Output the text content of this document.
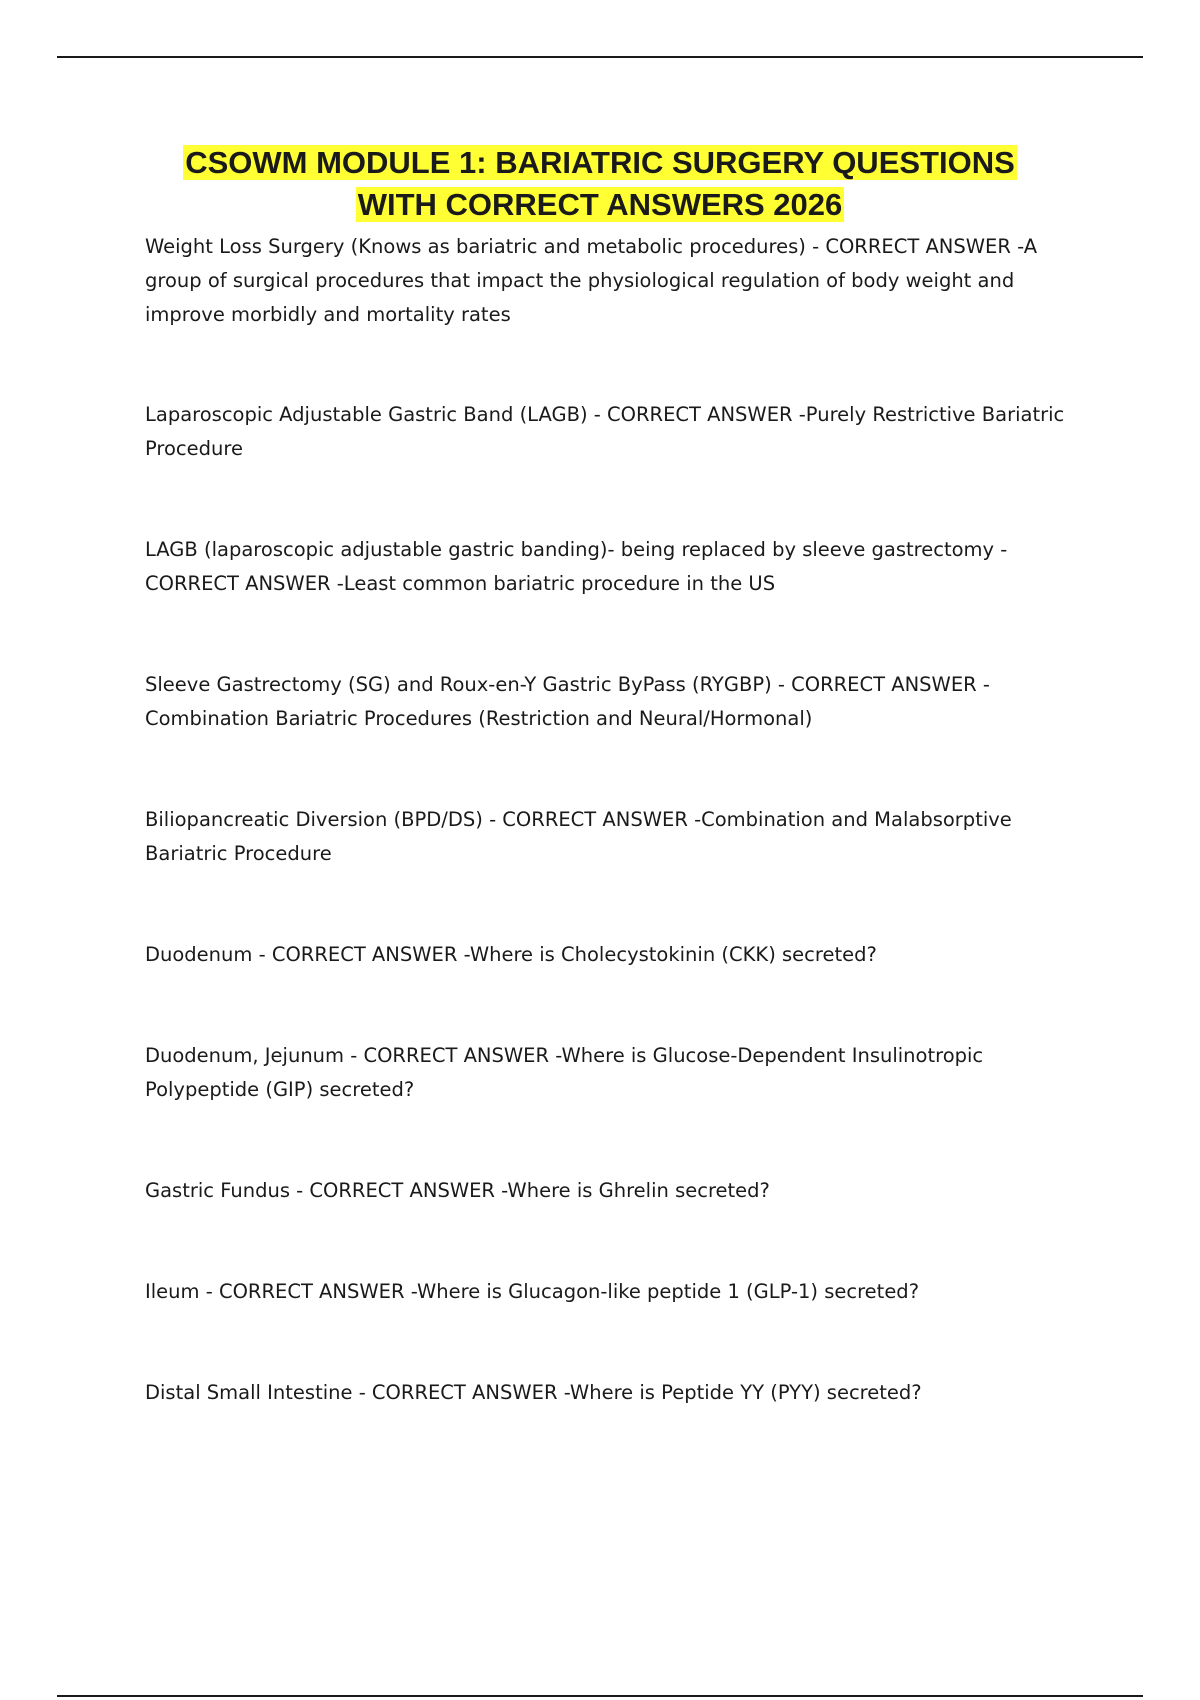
CSOWM MODULE 1: BARIATRIC SURGERY QUESTIONS
WITH CORRECT ANSWERS 2026

Weight Loss Surgery (Knows as bariatric and metabolic procedures) - CORRECT ANSWER -A group of surgical procedures that impact the physiological regulation of body weight and improve morbidly and mortality rates

Laparoscopic Adjustable Gastric Band (LAGB) - CORRECT ANSWER -Purely Restrictive Bariatric Procedure

LAGB (laparoscopic adjustable gastric banding)- being replaced by sleeve gastrectomy - CORRECT ANSWER -Least common bariatric procedure in the US

Sleeve Gastrectomy (SG) and Roux-en-Y Gastric ByPass (RYGBP) - CORRECT ANSWER - Combination Bariatric Procedures (Restriction and Neural/Hormonal)

Biliopancreatic Diversion (BPD/DS) - CORRECT ANSWER -Combination and Malabsorptive Bariatric Procedure

Duodenum - CORRECT ANSWER -Where is Cholecystokinin (CKK) secreted?

Duodenum, Jejunum - CORRECT ANSWER -Where is Glucose-Dependent Insulinotropic Polypeptide (GIP) secreted?

Gastric Fundus - CORRECT ANSWER -Where is Ghrelin secreted?

Ileum - CORRECT ANSWER -Where is Glucagon-like peptide 1 (GLP-1) secreted?

Distal Small Intestine - CORRECT ANSWER -Where is Peptide YY (PYY) secreted?
